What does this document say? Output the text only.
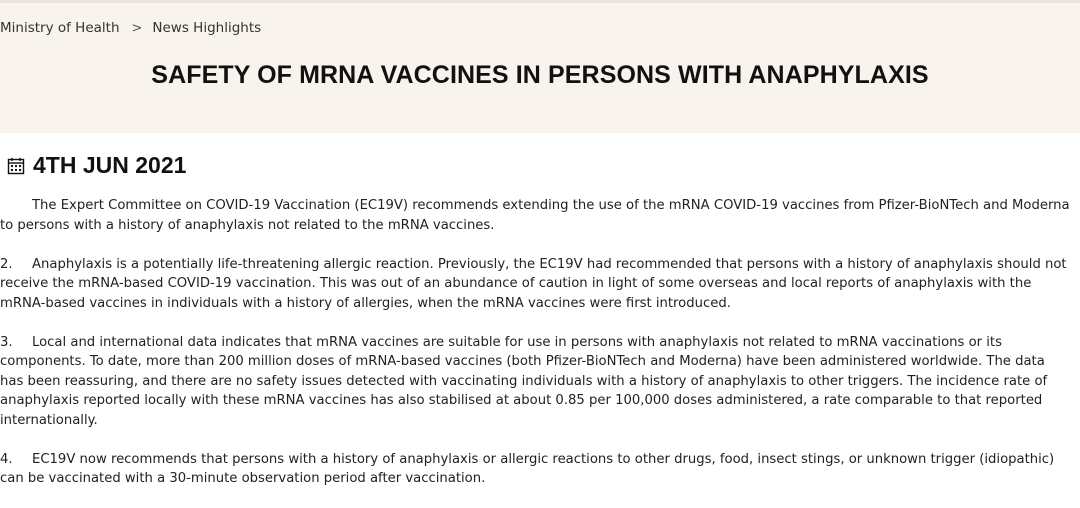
Ministry of Health > News Highlights
SAFETY OF MRNA VACCINES IN PERSONS WITH ANAPHYLAXIS
4TH JUN 2021

The Expert Committee on COVID-19 Vaccination (EC19V) recommends extending the use of the mRNA COVID-19 vaccines from Pfizer-BioNTech and Moderna to persons with a history of anaphylaxis not related to the mRNA vaccines.

2. Anaphylaxis is a potentially life-threatening allergic reaction. Previously, the EC19V had recommended that persons with a history of anaphylaxis should not receive the mRNA-based COVID-19 vaccination. This was out of an abundance of caution in light of some overseas and local reports of anaphylaxis with the mRNA-based vaccines in individuals with a history of allergies, when the mRNA vaccines were first introduced.

3. Local and international data indicates that mRNA vaccines are suitable for use in persons with anaphylaxis not related to mRNA vaccinations or its components. To date, more than 200 million doses of mRNA-based vaccines (both Pfizer-BioNTech and Moderna) have been administered worldwide. The data has been reassuring, and there are no safety issues detected with vaccinating individuals with a history of anaphylaxis to other triggers. The incidence rate of anaphylaxis reported locally with these mRNA vaccines has also stabilised at about 0.85 per 100,000 doses administered, a rate comparable to that reported internationally.

4. EC19V now recommends that persons with a history of anaphylaxis or allergic reactions to other drugs, food, insect stings, or unknown trigger (idiopathic) can be vaccinated with a 30-minute observation period after vaccination.
